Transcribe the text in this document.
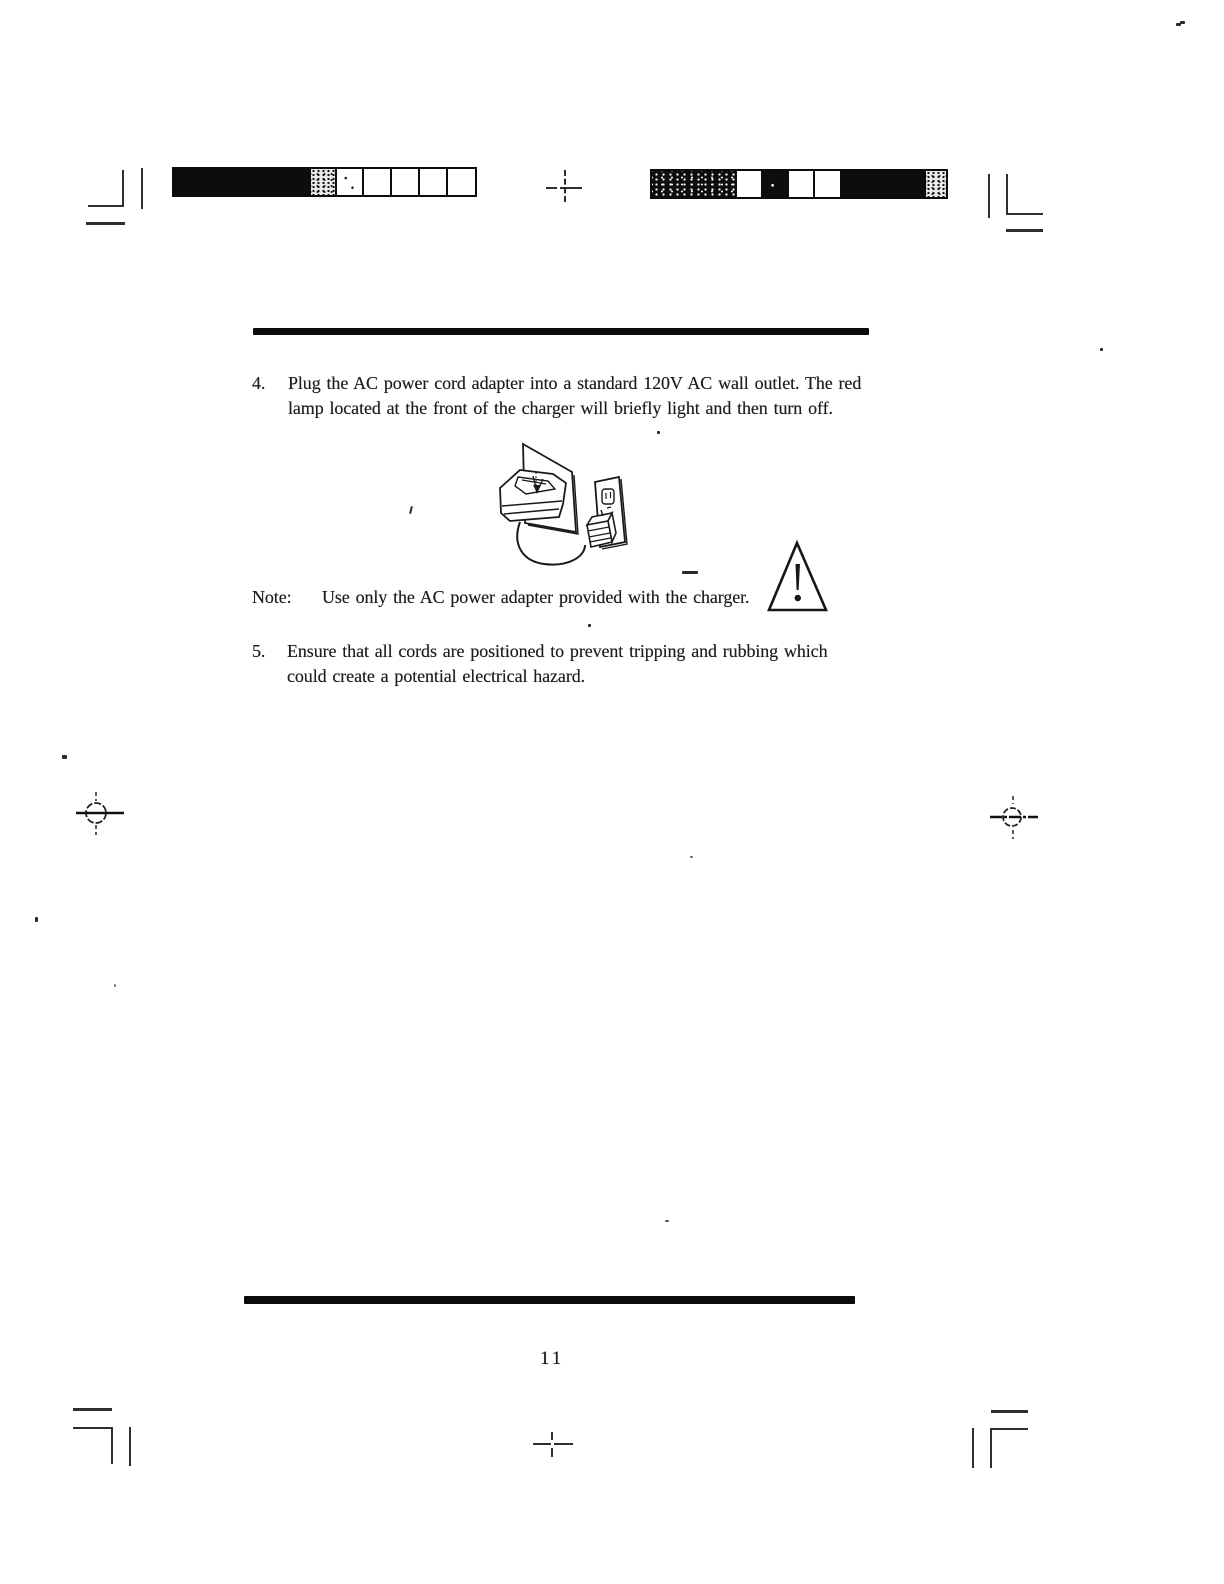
4. Plug the AC power cord adapter into a standard 120V AC wall outlet. The red
lamp located at the front of the charger will briefly light and then turn off.
Note: Use only the AC power adapter provided with the charger.
5. Ensure that all cords are positioned to prevent tripping and rubbing which
could create a potential electrical hazard.
11
